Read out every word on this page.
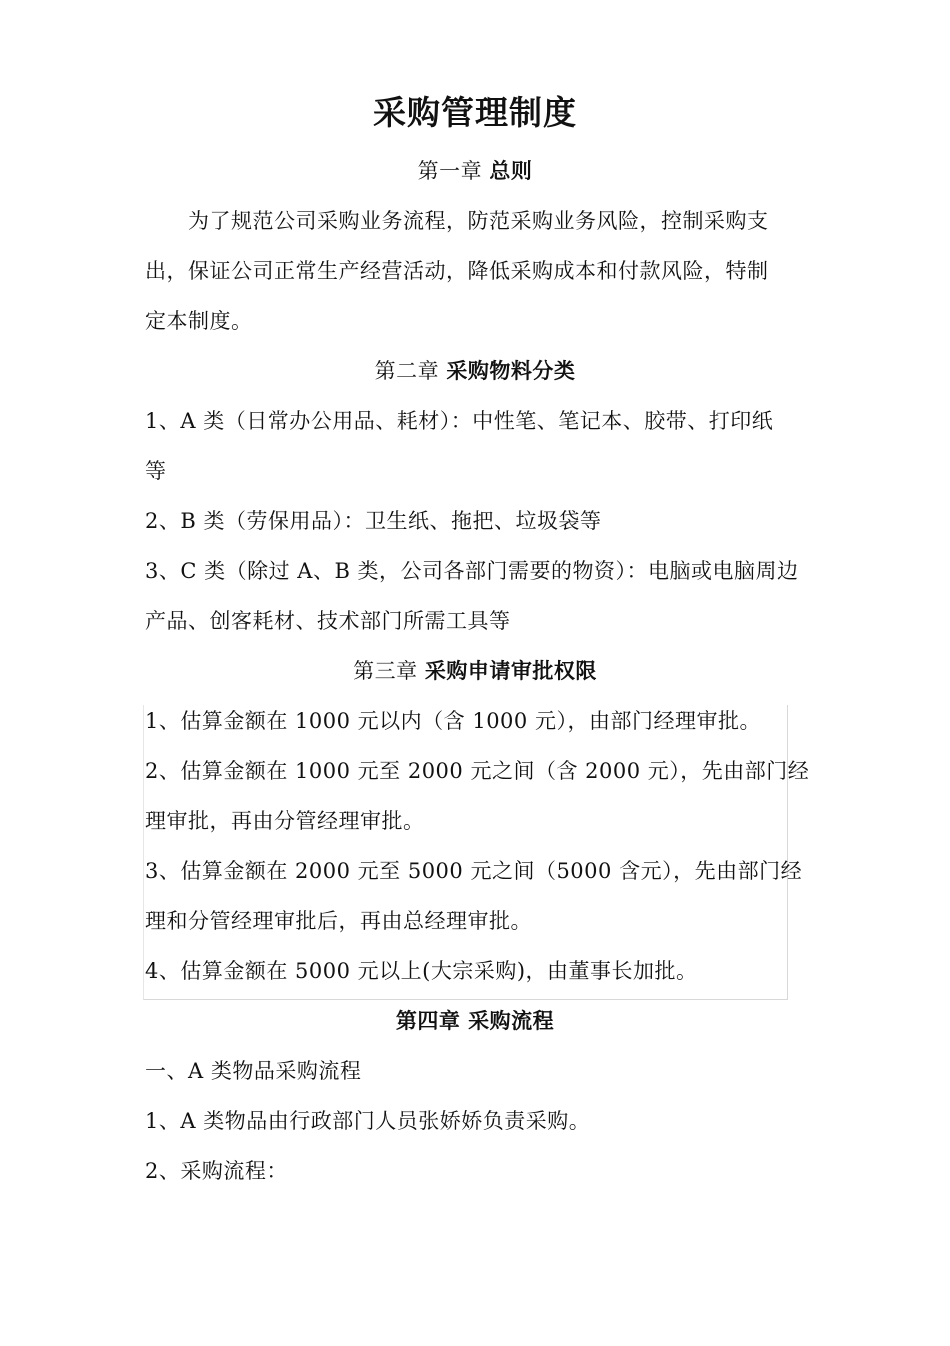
采购管理制度
第一章 总则
为了规范公司采购业务流程，防范采购业务风险，控制采购支
出，保证公司正常生产经营活动，降低采购成本和付款风险，特制
定本制度。
第二章 采购物料分类
1、A 类（日常办公用品、耗材）：中性笔、笔记本、胶带、打印纸
等
2、B 类（劳保用品）：卫生纸、拖把、垃圾袋等
3、C 类（除过 A、B 类，公司各部门需要的物资）：电脑或电脑周边
产品、创客耗材、技术部门所需工具等
第三章 采购申请审批权限
1、估算金额在 1000 元以内（含 1000 元），由部门经理审批。
2、估算金额在 1000 元至 2000 元之间（含 2000 元），先由部门经
理审批，再由分管经理审批。
3、估算金额在 2000 元至 5000 元之间（5000 含元），先由部门经
理和分管经理审批后，再由总经理审批。
4、估算金额在 5000 元以上(大宗采购)，由董事长加批。
第四章 采购流程
一、A 类物品采购流程
1、A 类物品由行政部门人员张娇娇负责采购。
2、采购流程：
